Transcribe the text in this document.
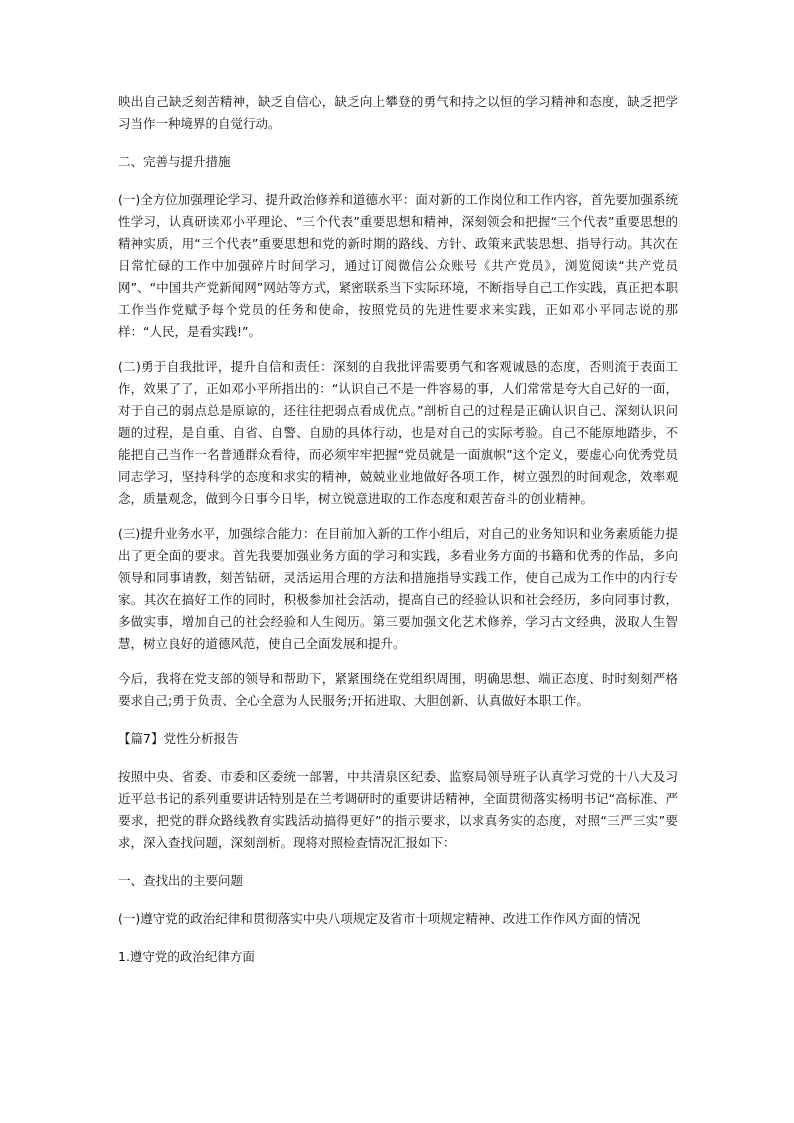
映出自己缺乏刻苦精神，缺乏自信心，缺乏向上攀登的勇气和持之以恒的学习精神和态度，缺乏把学习当作一种境界的自觉行动。

二、完善与提升措施

(一)全方位加强理论学习、提升政治修养和道德水平：面对新的工作岗位和工作内容，首先要加强系统性学习，认真研读邓小平理论、“三个代表”重要思想和精神，深刻领会和把握“三个代表”重要思想的精神实质，用“三个代表”重要思想和党的新时期的路线、方针、政策来武装思想、指导行动。其次在日常忙碌的工作中加强碎片时间学习，通过订阅微信公众账号《共产党员》，浏览阅读“共产党员网”、“中国共产党新闻网”网站等方式，紧密联系当下实际环境，不断指导自己工作实践，真正把本职工作当作党赋予每个党员的任务和使命，按照党员的先进性要求来实践，正如邓小平同志说的那样：“人民，是看实践!”。

(二)勇于自我批评，提升自信和责任：深刻的自我批评需要勇气和客观诚恳的态度，否则流于表面工作，效果了了，正如邓小平所指出的：“认识自己不是一件容易的事，人们常常是夸大自己好的一面，对于自己的弱点总是原谅的，还往往把弱点看成优点。”剖析自己的过程是正确认识自己、深刻认识问题的过程，是自重、自省、自警、自励的具体行动，也是对自己的实际考验。自己不能原地踏步，不能把自己当作一名普通群众看待，而必须牢牢把握“党员就是一面旗帜”这个定义，要虚心向优秀党员同志学习，坚持科学的态度和求实的精神，兢兢业业地做好各项工作，树立强烈的时间观念，效率观念，质量观念，做到今日事今日毕，树立锐意进取的工作态度和艰苦奋斗的创业精神。

(三)提升业务水平，加强综合能力：在目前加入新的工作小组后，对自己的业务知识和业务素质能力提出了更全面的要求。首先我要加强业务方面的学习和实践，多看业务方面的书籍和优秀的作品，多向领导和同事请教，刻苦钻研，灵活运用合理的方法和措施指导实践工作，使自己成为工作中的内行专家。其次在搞好工作的同时，积极参加社会活动，提高自己的经验认识和社会经历，多向同事讨教，多做实事，增加自己的社会经验和人生阅历。第三要加强文化艺术修养，学习古文经典，汲取人生智慧，树立良好的道德风范，使自己全面发展和提升。

今后，我将在党支部的领导和帮助下，紧紧围绕在党组织周围，明确思想、端正态度、时时刻刻严格要求自己;勇于负责、全心全意为人民服务;开拓进取、大胆创新、认真做好本职工作。

【篇7】党性分析报告

按照中央、省委、市委和区委统一部署，中共清泉区纪委、监察局领导班子认真学习党的十八大及习近平总书记的系列重要讲话特别是在兰考调研时的重要讲话精神，全面贯彻落实杨明书记“高标准、严要求，把党的群众路线教育实践活动搞得更好”的指示要求，以求真务实的态度，对照“三严三实”要求，深入查找问题，深刻剖析。现将对照检查情况汇报如下：

一、查找出的主要问题

(一)遵守党的政治纪律和贯彻落实中央八项规定及省市十项规定精神、改进工作作风方面的情况

1.遵守党的政治纪律方面
